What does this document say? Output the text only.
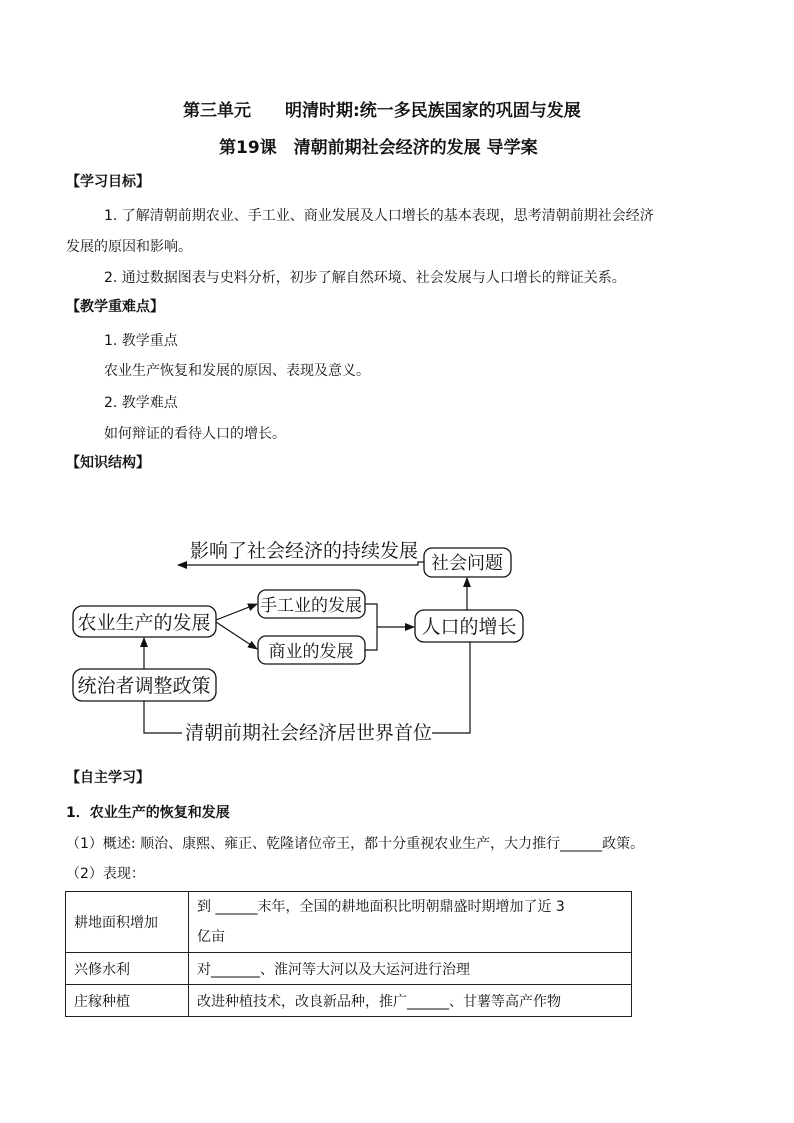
第三单元　　明清时期:统一多民族国家的巩固与发展
第19课　清朝前期社会经济的发展 导学案
【学习目标】
1. 了解清朝前期农业、手工业、商业发展及人口增长的基本表现，思考清朝前期社会经济
发展的原因和影响。
2. 通过数据图表与史料分析，初步了解自然环境、社会发展与人口增长的辩证关系。
【教学重难点】
1. 教学重点
农业生产恢复和发展的原因、表现及意义。
2. 教学难点
如何辩证的看待人口的增长。
【知识结构】
农业生产的发展
手工业的发展
商业的发展
人口的增长
社会问题
统治者调整政策
影响了社会经济的持续发展
清朝前期社会经济居世界首位
【自主学习】
1．农业生产的恢复和发展
（1）概述: 顺治、康熙、雍正、乾隆诸位帝王，都十分重视农业生产，大力推行______政策。
（2）表现：
耕地面积增加	到 ______末年，全国的耕地面积比明朝鼎盛时期增加了近 3
亿亩

兴修水利	对_______、淮河等大河以及大运河进行治理
庄稼种植	改进种植技术，改良新品种，推广______、甘薯等高产作物
